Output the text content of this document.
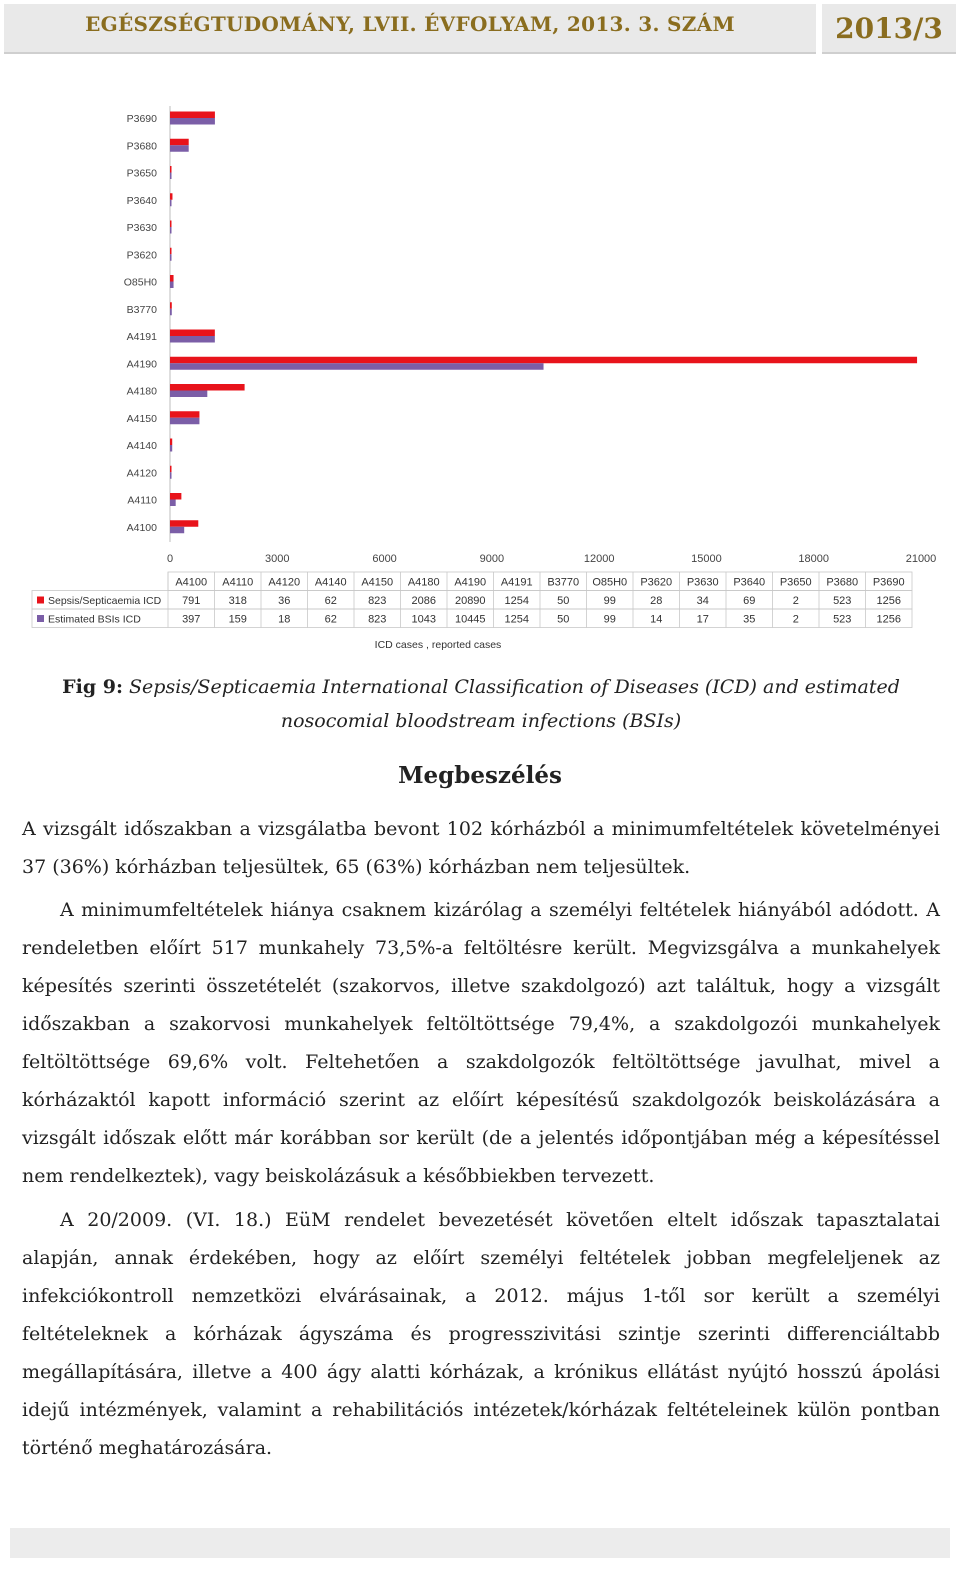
EGÉSZSÉGTUDOMÁNY, LVII. ÉVFOLYAM, 2013. 3. SZÁM	2013/3
P3690
P3680
P3650
P3640
P3630
P3620
O85H0
B3770
A4191
A4190
A4180
A4150
A4140
A4120
A4110
A4100
0	3000	6000	9000	12000	15000	18000	21000
A4100 A4110 A4120 A4140 A4150 A4180 A4190 A4191 B3770 O85H0 P3620 P3630 P3640 P3650 P3680 P3690
Sepsis/Septicaemia ICD 791	318	36	62	823 2086 20890 1254	50	99	28	34	69	2	523 1256
Estimated BSIs ICD	397	159	18	62	823 1043 10445 1254	50	99	14	17	35	2	523 1256
ICD cases , reported cases
Fig 9: Sepsis/Septicaemia International Classification of Diseases (ICD) and estimated nosocomial bloodstream infections (BSIs)
Megbeszélés

A vizsgált időszakban a vizsgálatba bevont 102 kórházból a minimumfeltételek követelményei 37 (36%) kórházban teljesültek, 65 (63%) kórházban nem teljesültek.

A minimumfeltételek hiánya csaknem kizárólag a személyi feltételek hiányából adódott. A rendeletben előírt 517 munkahely 73,5%-a feltöltésre került. Megvizsgálva a munkahelyek képesítés szerinti összetételét (szakorvos, illetve szakdolgozó) azt találtuk, hogy a vizsgált időszakban a szakorvosi munkahelyek feltöltöttsége 79,4%, a szakdolgozói munkahelyek feltöltöttsége 69,6% volt. Feltehetően a szakdolgozók feltöltöttsége javulhat, mivel a kórházaktól kapott információ szerint az előírt képesítésű szakdolgozók beiskolázására a vizsgált időszak előtt már korábban sor került (de a jelentés időpontjában még a képesítéssel nem rendelkeztek), vagy beiskolázásuk a későbbiekben tervezett.

A 20/2009. (VI. 18.) EüM rendelet bevezetését követően eltelt időszak tapasztalatai alapján, annak érdekében, hogy az előírt személyi feltételek jobban megfeleljenek az infekciókontroll nemzetközi elvárásainak, a 2012. május 1-től sor került a személyi feltételeknek a kórházak ágyszáma és progresszivitási szintje szerinti differenciáltabb megállapítására, illetve a 400 ágy alatti kórházak, a krónikus ellátást nyújtó hosszú ápolási idejű intézmények, valamint a rehabilitációs intézetek/kórházak feltételeinek külön pontban történő meghatározására.
